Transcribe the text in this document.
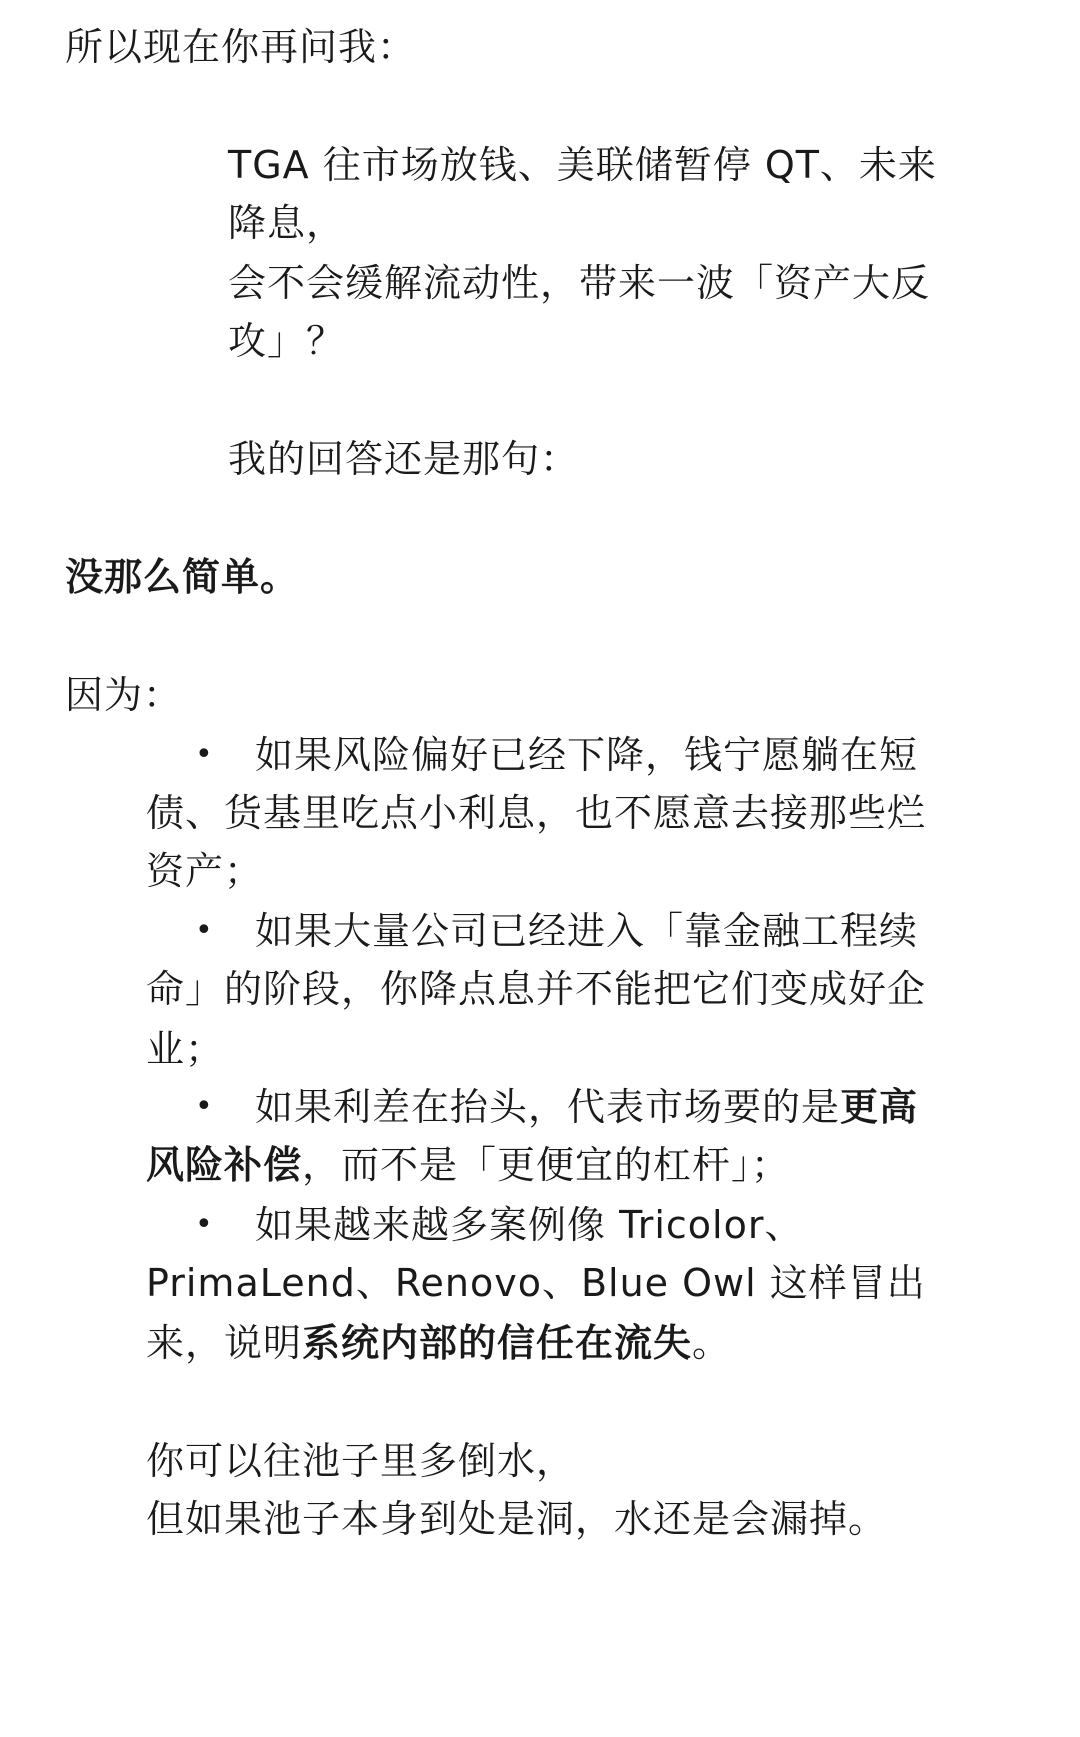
所以现在你再问我：
TGA 往市场放钱、美联储暂停 QT、未来
降息，
会不会缓解流动性，带来一波「资产大反
攻」？
我的回答还是那句：
没那么简单。
因为：
• 如果风险偏好已经下降，钱宁愿躺在短
债、货基里吃点小利息，也不愿意去接那些烂
资产；
• 如果大量公司已经进入「靠金融工程续
命」的阶段，你降点息并不能把它们变成好企
业；
• 如果利差在抬头，代表市场要的是更高
风险补偿，而不是「更便宜的杠杆」；
• 如果越来越多案例像 Tricolor、
PrimaLend、Renovo、Blue Owl 这样冒出
来，说明系统内部的信任在流失。
你可以往池子里多倒水，
但如果池子本身到处是洞，水还是会漏掉。
